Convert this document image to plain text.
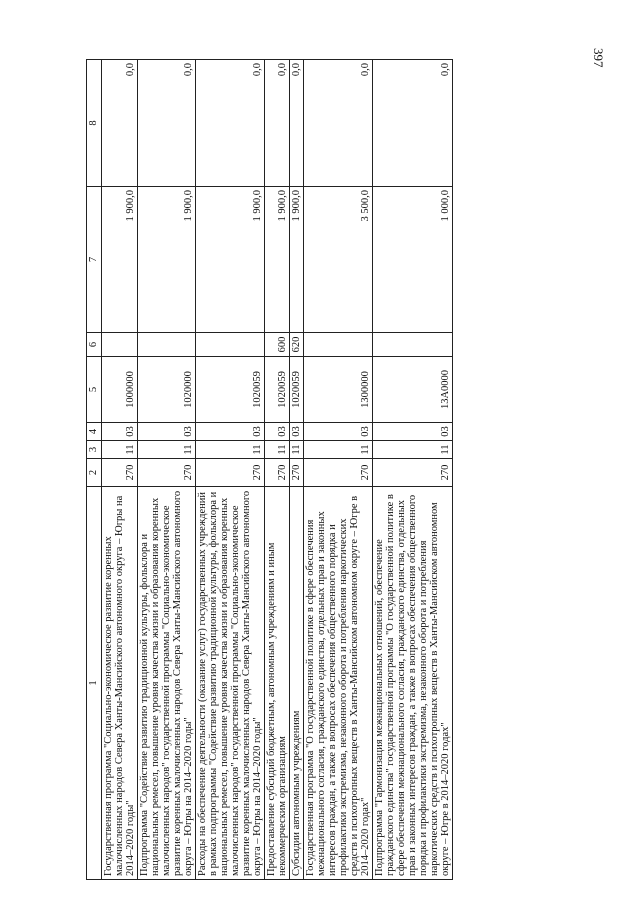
397
1	2	3	4	5	6	7	8
Государственная программа "Социально-экономическое развитие коренных малочисленных народов Севера Ханты-Мансийского автономного округа – Югры на 2014–2020 годы"	270	11	03	1000000		1 900,0	0,0
Подпрограмма "Содействие развитию традиционной культуры, фольклора и национальных ремесел, повышение уровня качества жизни и образования коренных малочисленных народов" государственной программы "Социально-экономическое развитие коренных малочисленных народов Севера Ханты-Мансийского автономного округа – Югры на 2014–2020 годы"	270	11	03	1020000		1 900,0	0,0
Расходы на обеспечение деятельности (оказание услуг) государственных учреждений в рамках подпрограммы "Содействие развитию традиционной культуры, фольклора и национальных ремесел, повышение уровня качества жизни и образования коренных малочисленных народов" государственной программы "Социально-экономическое развитие коренных малочисленных народов Севера Ханты-Мансийского автономного округа – Югры на 2014–2020 годы"	270	11	03	1020059		1 900,0	0,0
Предоставление субсидий бюджетным, автономным учреждениям и иным некоммерческим организациям	270	11	03	1020059	600	1 900,0	0,0
Субсидии автономным учреждениям	270	11	03	1020059	620	1 900,0	0,0
Государственная программа "О государственной политике в сфере обеспечения межнационального согласия, гражданского единства, отдельных прав и законных интересов граждан, а также в вопросах обеспечения общественного порядка и профилактики экстремизма, незаконного оборота и потребления наркотических средств и психотропных веществ в Ханты-Мансийском автономном округе – Югре в 2014–2020 годах"	270	11	03	1300000		3 500,0	0,0
Подпрограмма "Гармонизация межнациональных отношений, обеспечение гражданского единства" государственной программы "О государственной политике в сфере обеспечения межнационального согласия, гражданского единства, отдельных прав и законных интересов граждан, а также в вопросах обеспечения общественного порядка и профилактики экстремизма, незаконного оборота и потребления наркотических средств и психотропных веществ в Ханты-Мансийском автономном округе – Югре в 2014–2020 годах"	270	11	03	13А0000		1 000,0	0,0
